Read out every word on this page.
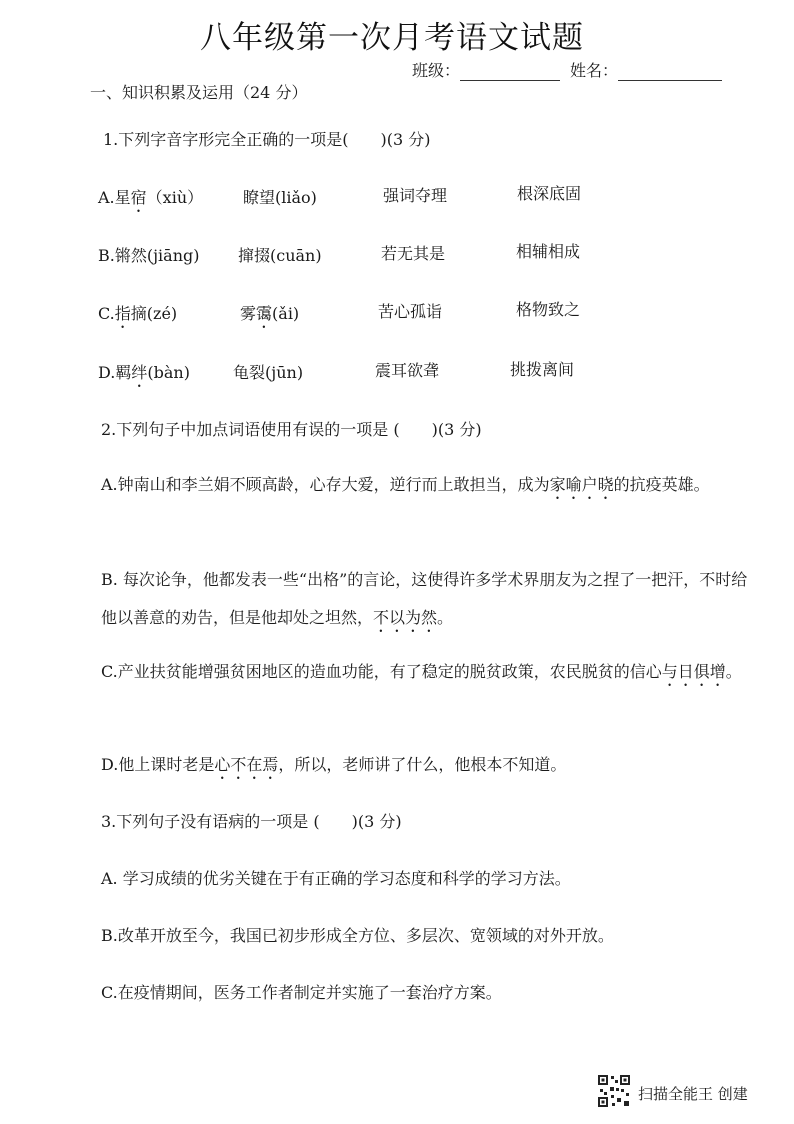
八年级第一次月考语文试题
班级：	姓名：
一、知识积累及运用（24 分）
1.下列字音字形完全正确的一项是(　　)(3 分)
A.星宿（xiù） 瞭望(liǎo)	强词夺理	根深底固
B.锵然(jiāng) 撺掇(cuān)	若无其是	相辅相成
C.指摘(zé)	雾霭(ǎi)	苦心孤诣	格物致之
D.羁绊(bàn)	龟裂(jūn)	震耳欲聋	挑拨离间
2.下列句子中加点词语使用有误的一项是 (　　)(3 分)
A.钟南山和李兰娟不顾高龄，心存大爱，逆行而上敢担当，成为家喻户晓的抗疫英雄。
B. 每次论争，他都发表一些“出格”的言论，这使得许多学术界朋友为之捏了一把汗，不时给他以善意的劝告，但是他却处之坦然，不以为然。
C.产业扶贫能增强贫困地区的造血功能，有了稳定的脱贫政策，农民脱贫的信心与日俱增。
D.他上课时老是心不在焉，所以，老师讲了什么，他根本不知道。
3.下列句子没有语病的一项是 (　　)(3 分)
A. 学习成绩的优劣关键在于有正确的学习态度和科学的学习方法。
B.改革开放至今，我国已初步形成全方位、多层次、宽领域的对外开放。
C.在疫情期间，医务工作者制定并实施了一套治疗方案。
扫描全能王 创建
